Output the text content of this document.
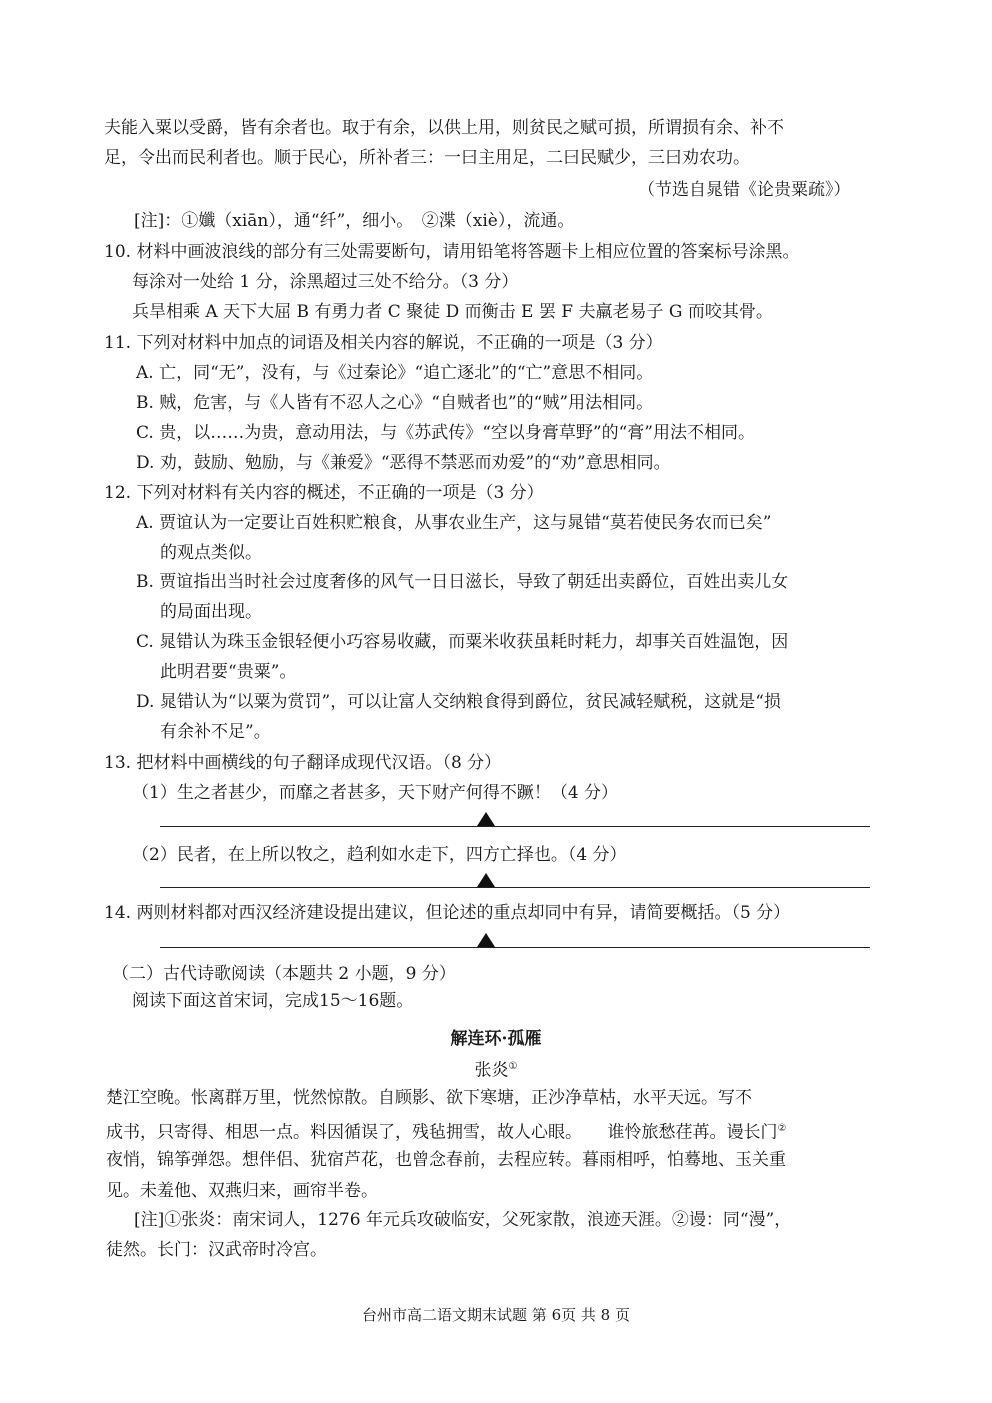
夫能入粟以受爵，皆有余者也。取于有余，以供上用，则贫民之赋可损，所谓损有余、补不
足，令出而民利者也。顺于民心，所补者三：一曰主用足，二曰民赋少，三曰劝农功。
（节选自晁错《论贵粟疏》）
[注]：①孅（xiān），通“纤”，细小。　②渫（xiè），流通。
10. 材料中画波浪线的部分有三处需要断句，请用铅笔将答题卡上相应位置的答案标号涂黑。
每涂对一处给 1 分，涂黑超过三处不给分。（3 分）
兵旱相乘 A 天下大屈 B 有勇力者 C 聚徒 D 而衡击 E 罢 F 夫羸老易子 G 而咬其骨。
11. 下列对材料中加点的词语及相关内容的解说，不正确的一项是（3 分）
A. 亡，同“无”，没有，与《过秦论》“追亡逐北”的“亡”意思不相同。
B. 贼，危害，与《人皆有不忍人之心》“自贼者也”的“贼”用法相同。
C. 贵，以……为贵，意动用法，与《苏武传》“空以身膏草野”的“膏”用法不相同。
D. 劝，鼓励、勉励，与《兼爱》“恶得不禁恶而劝爱”的“劝”意思相同。
12. 下列对材料有关内容的概述，不正确的一项是（3 分）
A. 贾谊认为一定要让百姓积贮粮食，从事农业生产，这与晁错“莫若使民务农而已矣”
的观点类似。
B. 贾谊指出当时社会过度奢侈的风气一日日滋长，导致了朝廷出卖爵位，百姓出卖儿女
的局面出现。
C. 晁错认为珠玉金银轻便小巧容易收藏，而粟米收获虽耗时耗力，却事关百姓温饱，因
此明君要“贵粟”。
D. 晁错认为“以粟为赏罚”，可以让富人交纳粮食得到爵位，贫民减轻赋税，这就是“损
有余补不足”。
13. 把材料中画横线的句子翻译成现代汉语。（8 分）
（1）生之者甚少，而靡之者甚多，天下财产何得不蹶！（4 分）
（2）民者，在上所以牧之，趋利如水走下，四方亡择也。（4 分）
14. 两则材料都对西汉经济建设提出建议，但论述的重点却同中有异，请简要概括。（5 分）
（二）古代诗歌阅读（本题共 2 小题，9 分）
阅读下面这首宋词，完成15～16题。
解连环·孤雁
张炎①
楚江空晚。怅离群万里，恍然惊散。自顾影、欲下寒塘，正沙净草枯，水平天远。写不
成书，只寄得、相思一点。料因循误了，残毡拥雪，故人心眼。　　谁怜旅愁荏苒。谩长门②
夜悄，锦筝弹怨。想伴侣、犹宿芦花，也曾念春前，去程应转。暮雨相呼，怕蓦地、玉关重
见。未羞他、双燕归来，画帘半卷。
[注]①张炎：南宋词人，1276 年元兵攻破临安，父死家散，浪迹天涯。②谩：同“漫”，
徒然。长门：汉武帝时冷宫。
台州市高二语文期末试题 第 6页 共 8 页
